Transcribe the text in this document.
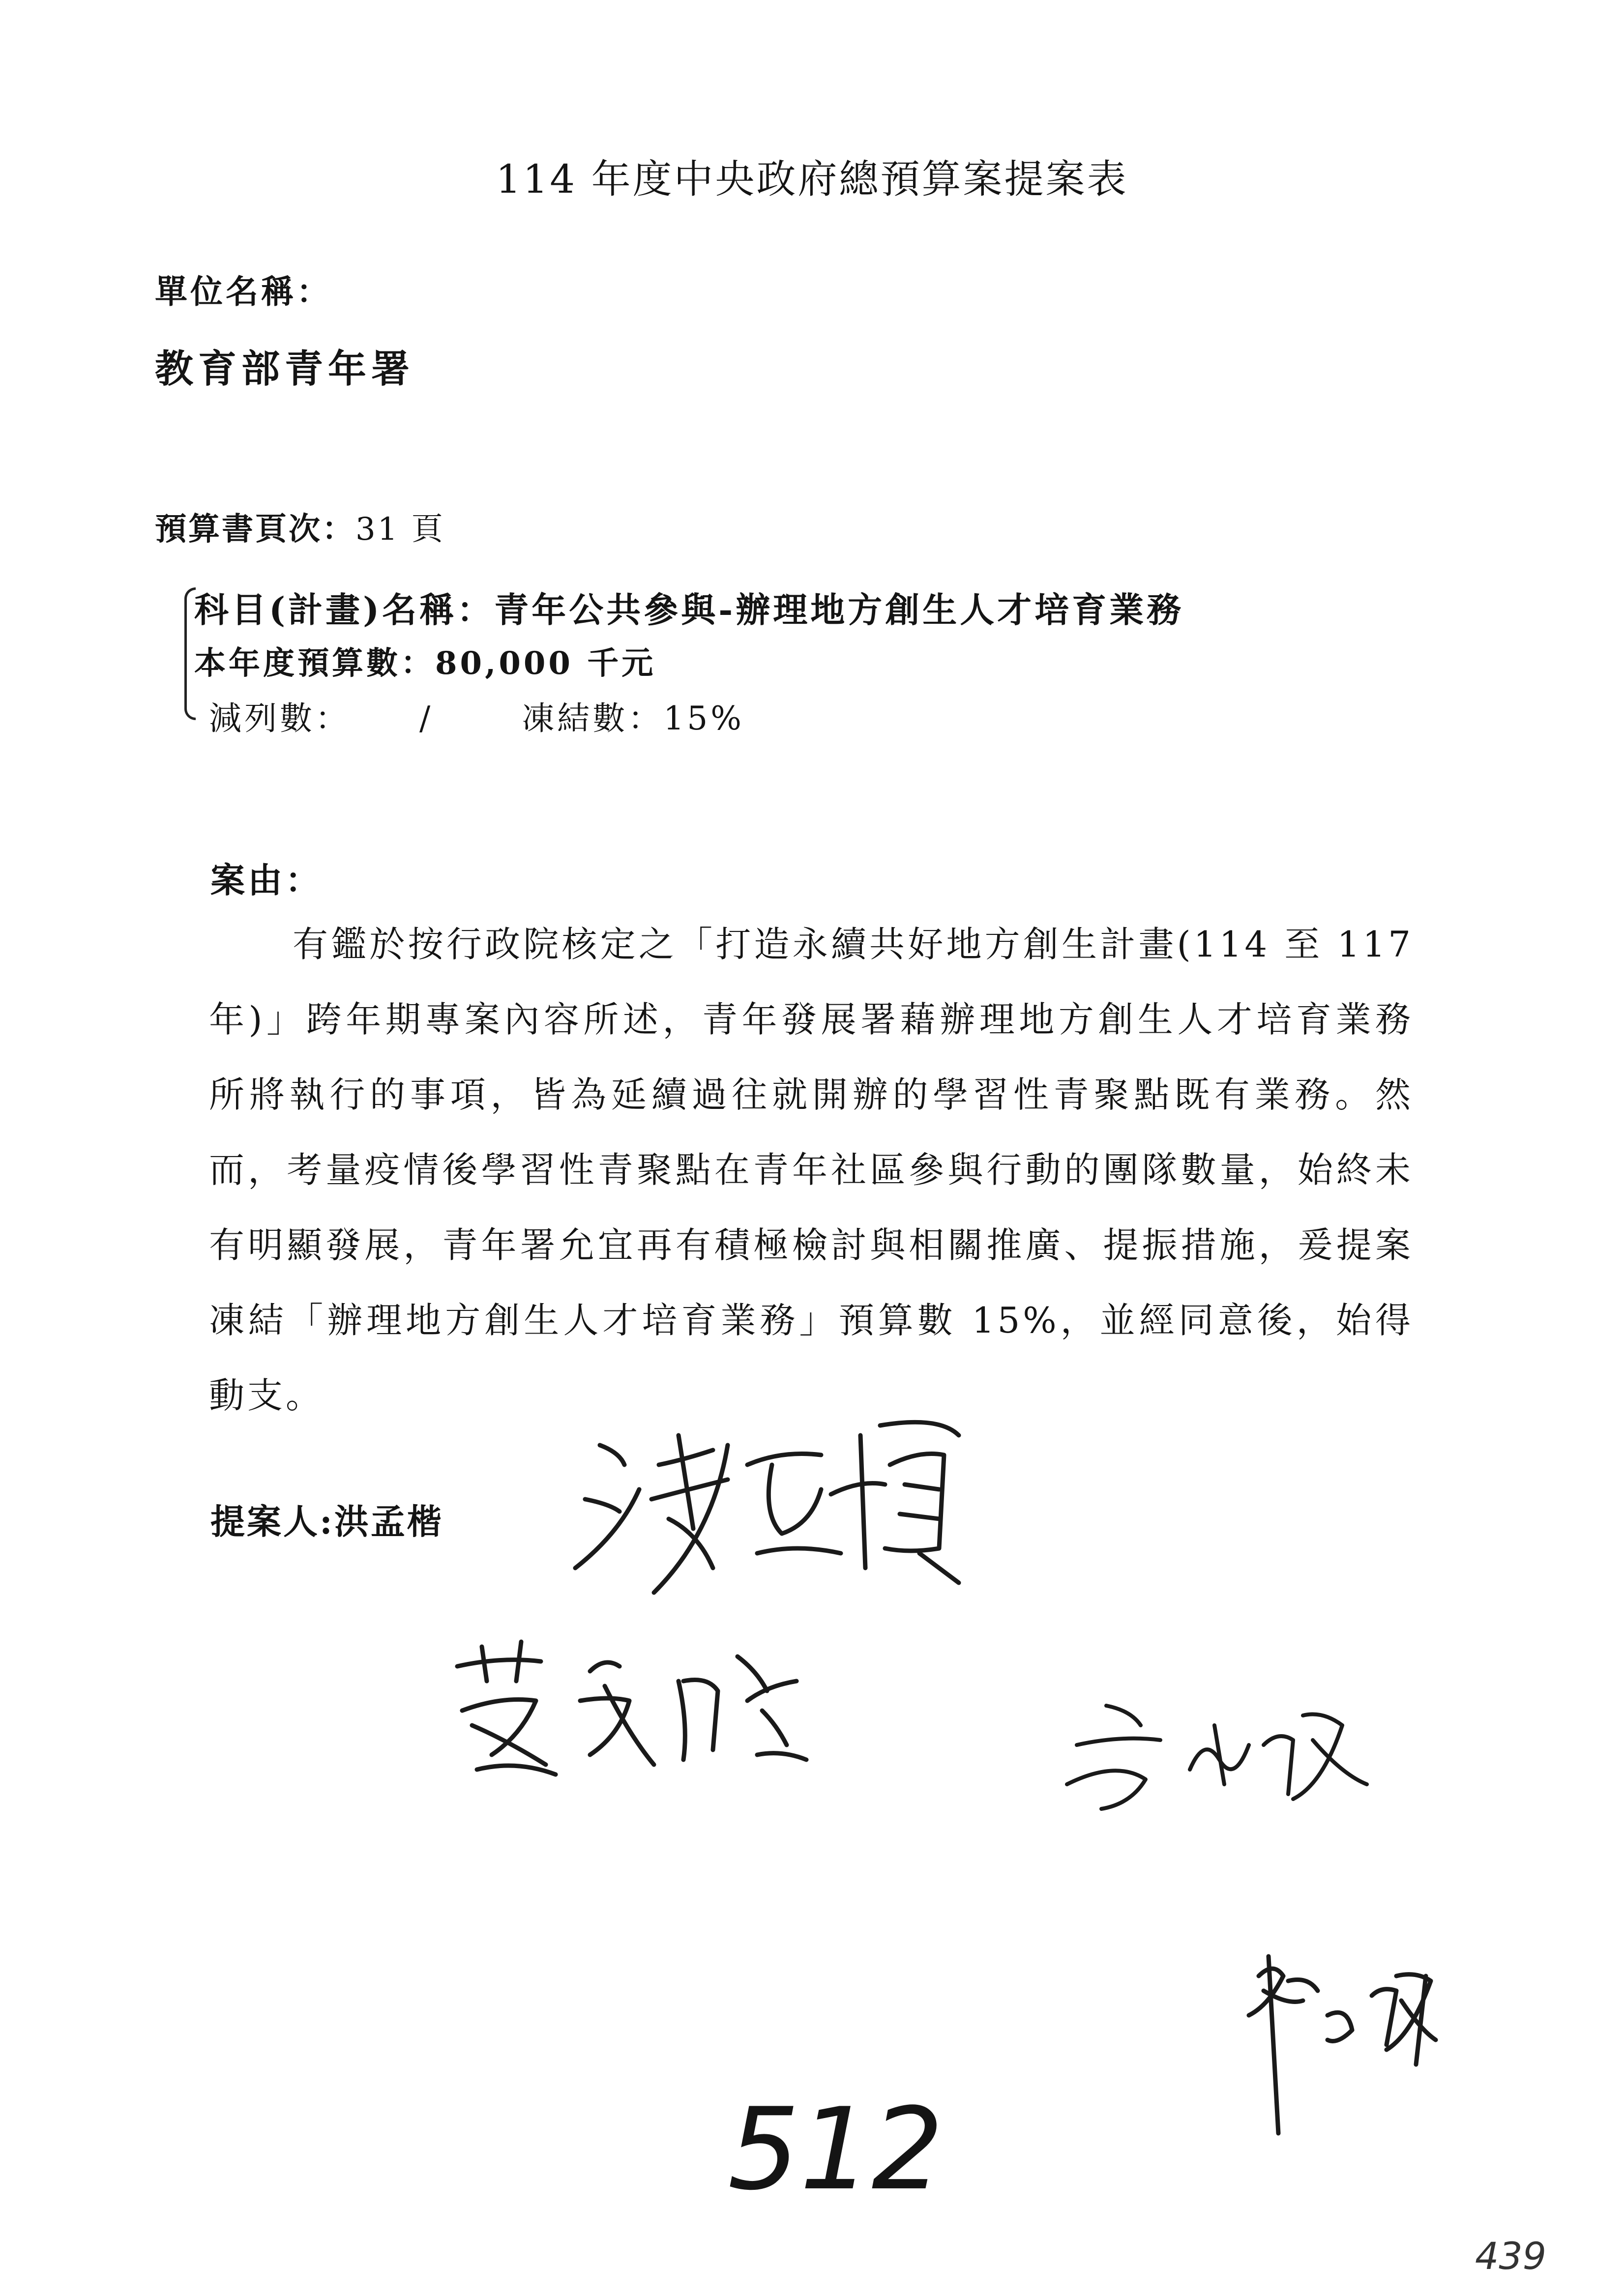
114 年度中央政府總預算案提案表
單位名稱：
教育部青年署
預算書頁次：31 頁
科目(計畫)名稱：青年公共參與-辦理地方創生人才培育業務
本年度預算數：80,000 千元
減列數： /	凍結數：15%
案由：
有鑑於按行政院核定之「打造永續共好地方創生計畫(114 至 117 年)」跨年期專案內容所述，青年發展署藉辦理地方創生人才培育業務所將執行的事項，皆為延續過往就開辦的學習性青聚點既有業務。然而，考量疫情後學習性青聚點在青年社區參與行動的團隊數量，始終未有明顯發展，青年署允宜再有積極檢討與相關推廣、提振措施，爰提案凍結「辦理地方創生人才培育業務」預算數 15%，並經同意後，始得動支。
提案人:洪孟楷
512
439
